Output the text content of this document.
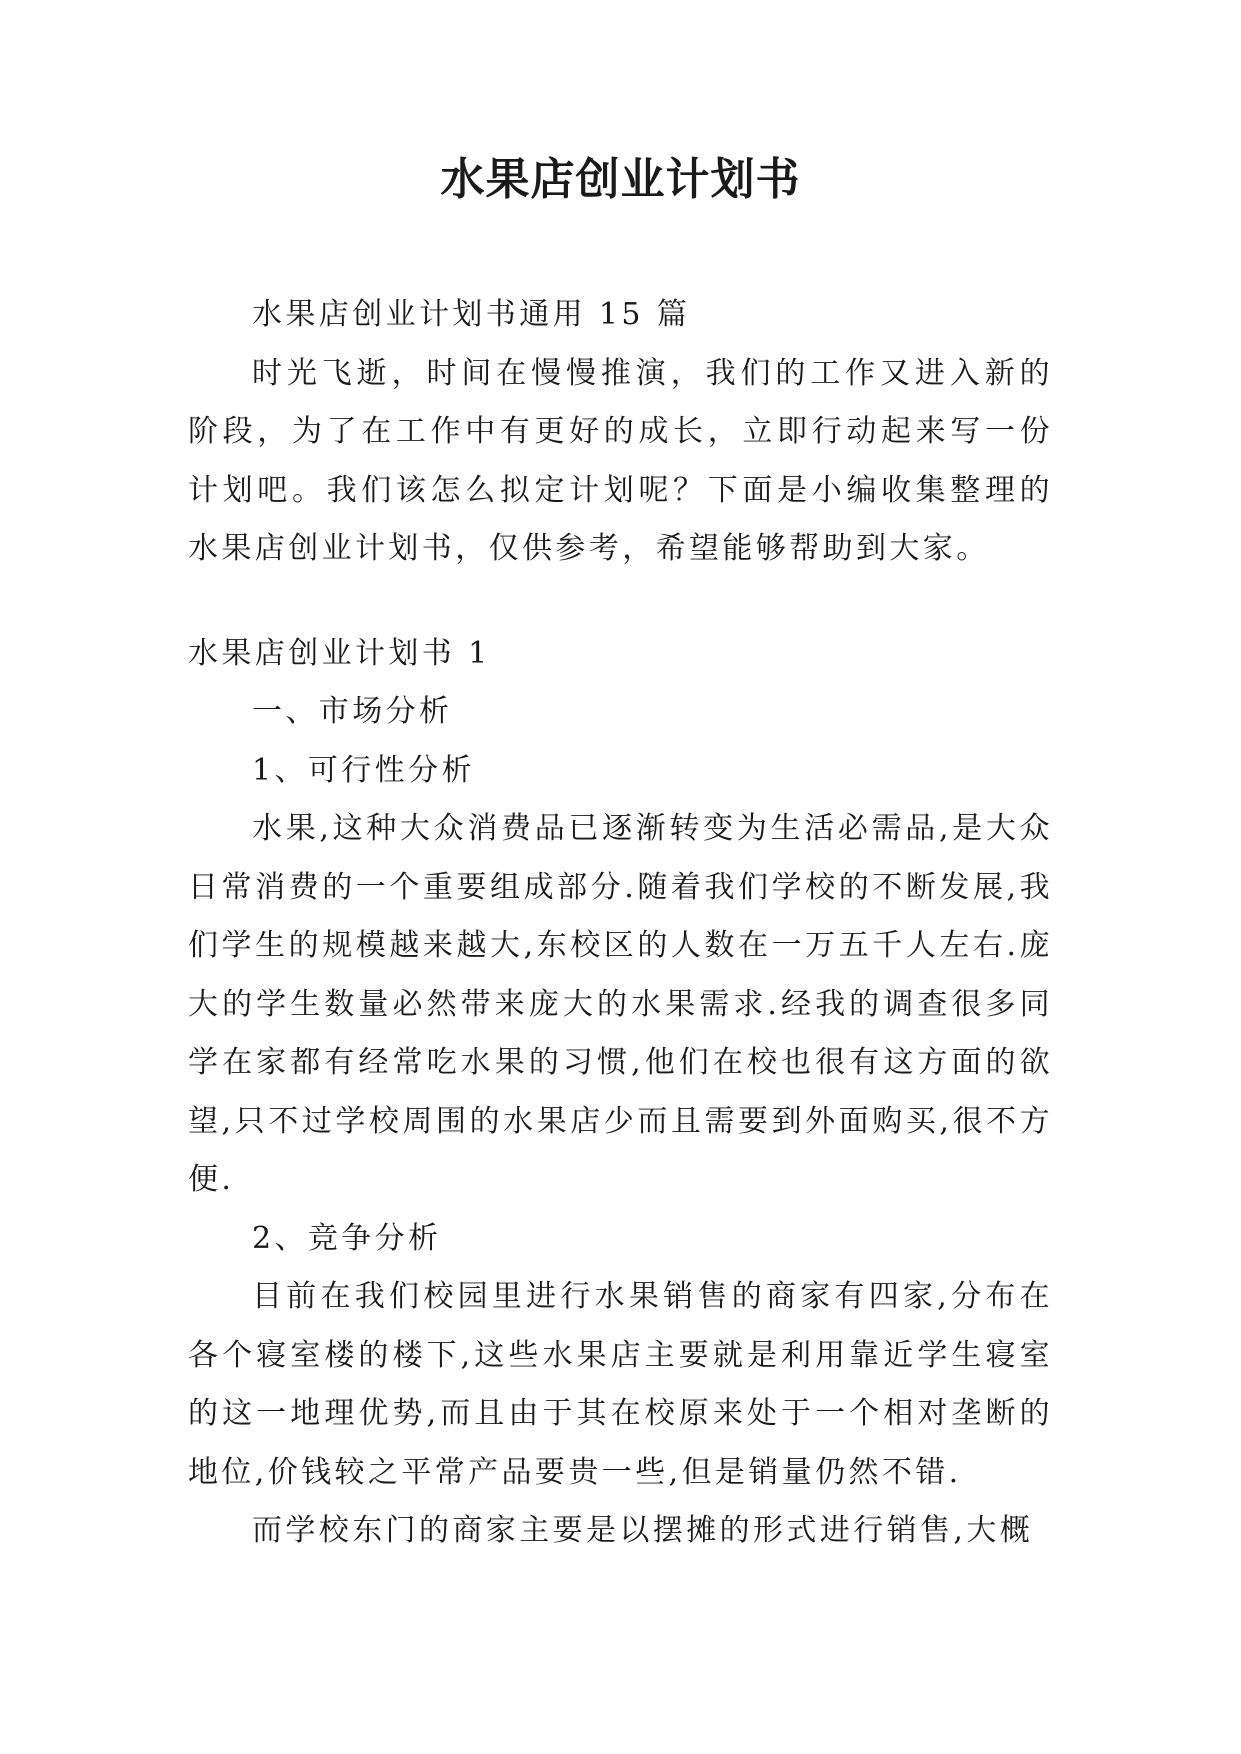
水果店创业计划书

水果店创业计划书通用 15 篇

时光飞逝，时间在慢慢推演，我们的工作又进入新的阶段，为了在工作中有更好的成长，立即行动起来写一份计划吧。我们该怎么拟定计划呢？下面是小编收集整理的水果店创业计划书，仅供参考，希望能够帮助到大家。

水果店创业计划书 1

一、市场分析

1、可行性分析

水果,这种大众消费品已逐渐转变为生活必需品,是大众日常消费的一个重要组成部分.随着我们学校的不断发展,我们学生的规模越来越大,东校区的人数在一万五千人左右.庞大的学生数量必然带来庞大的水果需求.经我的调查很多同学在家都有经常吃水果的习惯,他们在校也很有这方面的欲望,只不过学校周围的水果店少而且需要到外面购买,很不方便.

2、竞争分析

目前在我们校园里进行水果销售的商家有四家,分布在各个寝室楼的楼下,这些水果店主要就是利用靠近学生寝室的这一地理优势,而且由于其在校原来处于一个相对垄断的地位,价钱较之平常产品要贵一些,但是销量仍然不错.

而学校东门的商家主要是以摆摊的形式进行销售,大概
